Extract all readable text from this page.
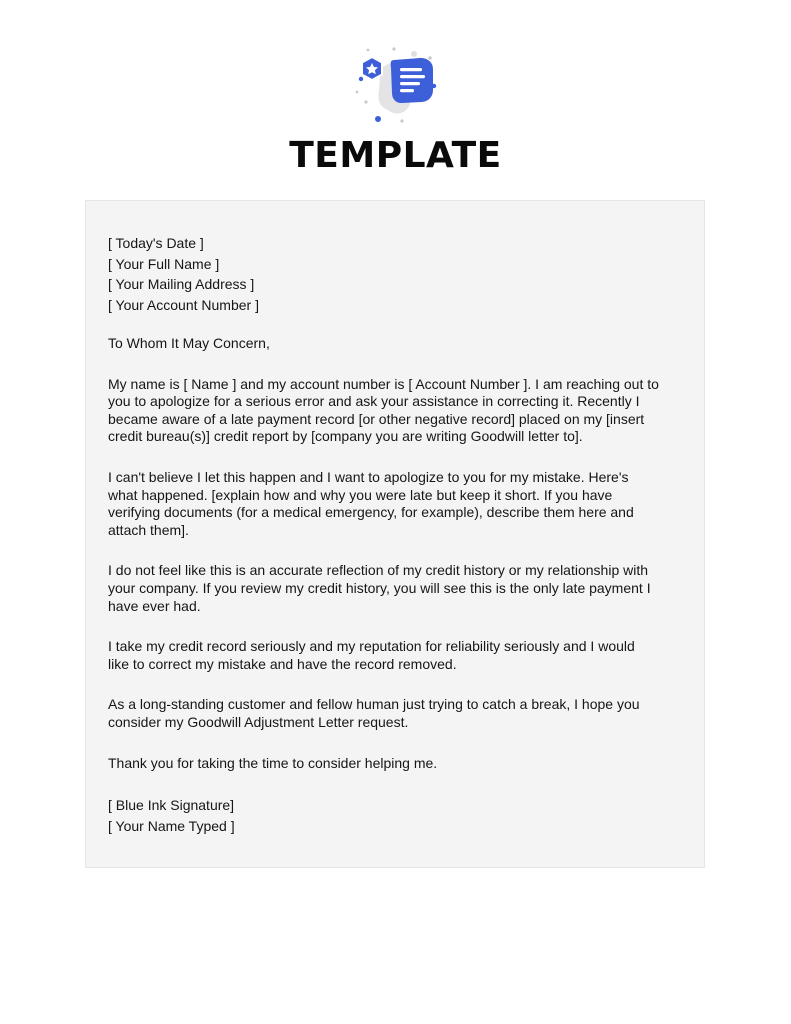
TEMPLATE
[ Today's Date ]
[ Your Full Name ]
[ Your Mailing Address ]
[ Your Account Number ]
To Whom It May Concern,
My name is [ Name ] and my account number is [ Account Number ]. I am reaching out to
you to apologize for a serious error and ask your assistance in correcting it. Recently I
became aware of a late payment record [or other negative record] placed on my [insert
credit bureau(s)] credit report by [company you are writing Goodwill letter to].
I can't believe I let this happen and I want to apologize to you for my mistake. Here's
what happened. [explain how and why you were late but keep it short. If you have
verifying documents (for a medical emergency, for example), describe them here and
attach them].
I do not feel like this is an accurate reflection of my credit history or my relationship with
your company. If you review my credit history, you will see this is the only late payment I
have ever had.
I take my credit record seriously and my reputation for reliability seriously and I would
like to correct my mistake and have the record removed.
As a long-standing customer and fellow human just trying to catch a break, I hope you
consider my Goodwill Adjustment Letter request.
Thank you for taking the time to consider helping me.
[ Blue Ink Signature]
[ Your Name Typed ]
